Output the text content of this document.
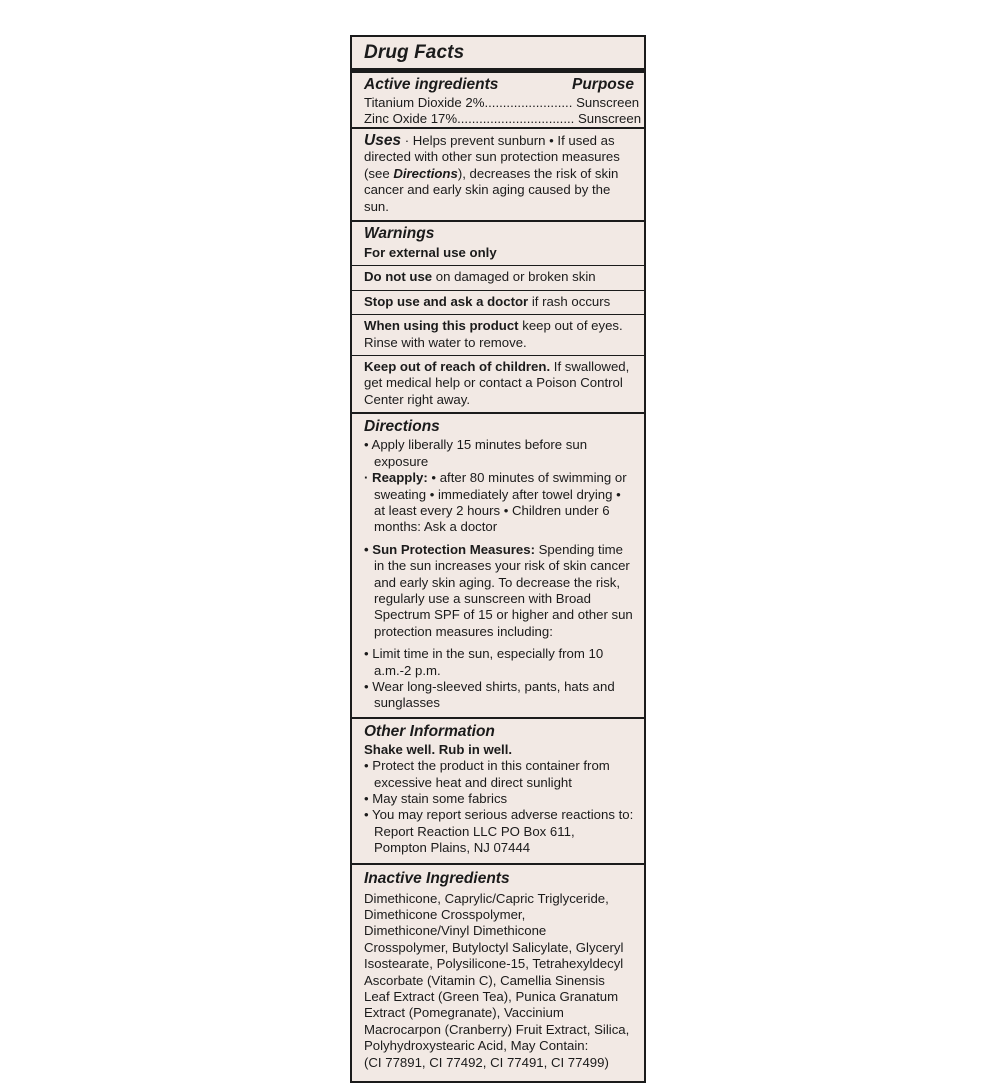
Drug Facts
Active ingredients	Purpose
Titanium Dioxide 2%........................ Sunscreen
Zinc Oxide 17%................................ Sunscreen
Uses · Helps prevent sunburn • If used as directed with other sun protection measures (see Directions), decreases the risk of skin cancer and early skin aging caused by the sun.
Warnings
For external use only
Do not use on damaged or broken skin
Stop use and ask a doctor if rash occurs
When using this product keep out of eyes. Rinse with water to remove.
Keep out of reach of children. If swallowed, get medical help or contact a Poison Control Center right away.
Directions
• Apply liberally 15 minutes before sun exposure
· Reapply: • after 80 minutes of swimming or sweating • immediately after towel drying • at least every 2 hours • Children under 6 months: Ask a doctor
• Sun Protection Measures: Spending time in the sun increases your risk of skin cancer and early skin aging. To decrease the risk, regularly use a sunscreen with Broad Spectrum SPF of 15 or higher and other sun protection measures including:
• Limit time in the sun, especially from 10 a.m.-2 p.m.
• Wear long-sleeved shirts, pants, hats and sunglasses
Other Information
Shake well. Rub in well.
• Protect the product in this container from excessive heat and direct sunlight
• May stain some fabrics
• You may report serious adverse reactions to:
Report Reaction LLC PO Box 611,
Pompton Plains, NJ 07444
Inactive Ingredients
Dimethicone, Caprylic/Capric Triglyceride, Dimethicone Crosspolymer, Dimethicone/Vinyl Dimethicone Crosspolymer, Butyloctyl Salicylate, Glyceryl Isostearate, Polysilicone-15, Tetrahexyldecyl Ascorbate (Vitamin C), Camellia Sinensis Leaf Extract (Green Tea), Punica Granatum Extract (Pomegranate), Vaccinium Macrocarpon (Cranberry) Fruit Extract, Silica, Polyhydroxystearic Acid, May Contain:
(CI 77891, CI 77492, CI 77491, CI 77499)
